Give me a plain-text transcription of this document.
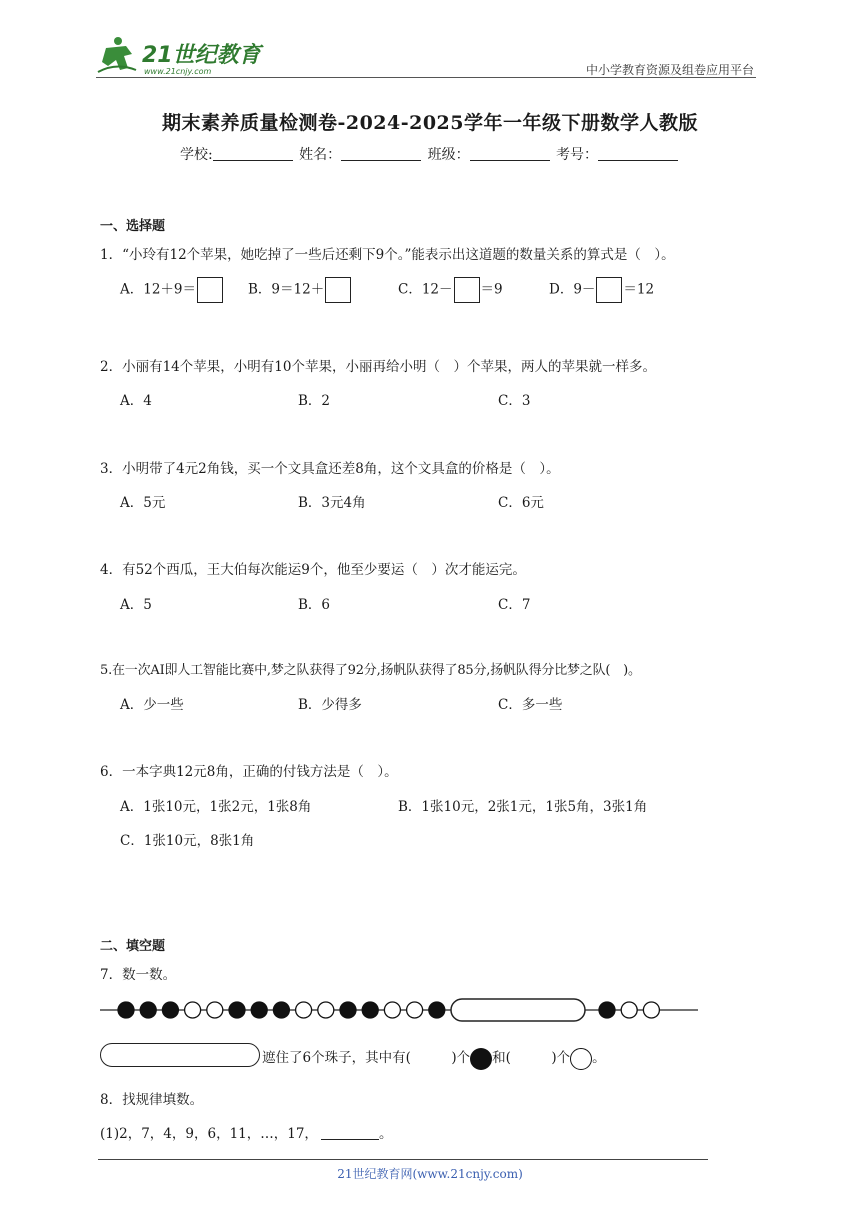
21世纪教育
www.21cnjy.com	中小学教育资源及组卷应用平台
期末素养质量检测卷-2024-2025学年一年级下册数学人教版
学校:	姓名：	班级：	考号：
一、选择题
1．“小玲有12个苹果，她吃掉了一些后还剩下9个。”能表示出这道题的数量关系的算式是（　）。
A．12＋9＝	B．9＝12＋	C．12－ ＝9	D．9－ ＝12
2．小丽有14个苹果，小明有10个苹果，小丽再给小明（　）个苹果，两人的苹果就一样多。
A．4	B．2	C．3
3．小明带了4元2角钱，买一个文具盒还差8角，这个文具盒的价格是（　）。
A．5元	B．3元4角	C．6元
4．有52个西瓜，王大伯每次能运9个，他至少要运（　）次才能运完。
A．5	B．6	C．7
5.在一次AI即人工智能比赛中,梦之队获得了92分,扬帆队获得了85分,扬帆队得分比梦之队(　)。
A．少一些	B．少得多	C．多一些
6．一本字典12元8角，正确的付钱方法是（　）。
A．1张10元，1张2元，1张8角	B．1张10元，2张1元，1张5角，3张1角
C．1张10元，8张1角
二、填空题
7．数一数。
遮住了6个珠子，其中有(　　　)个 和(　　　)个 。
8．找规律填数。
(1)2，7，4，9，6，11，…，17，	。
21世纪教育网(www.21cnjy.com)
